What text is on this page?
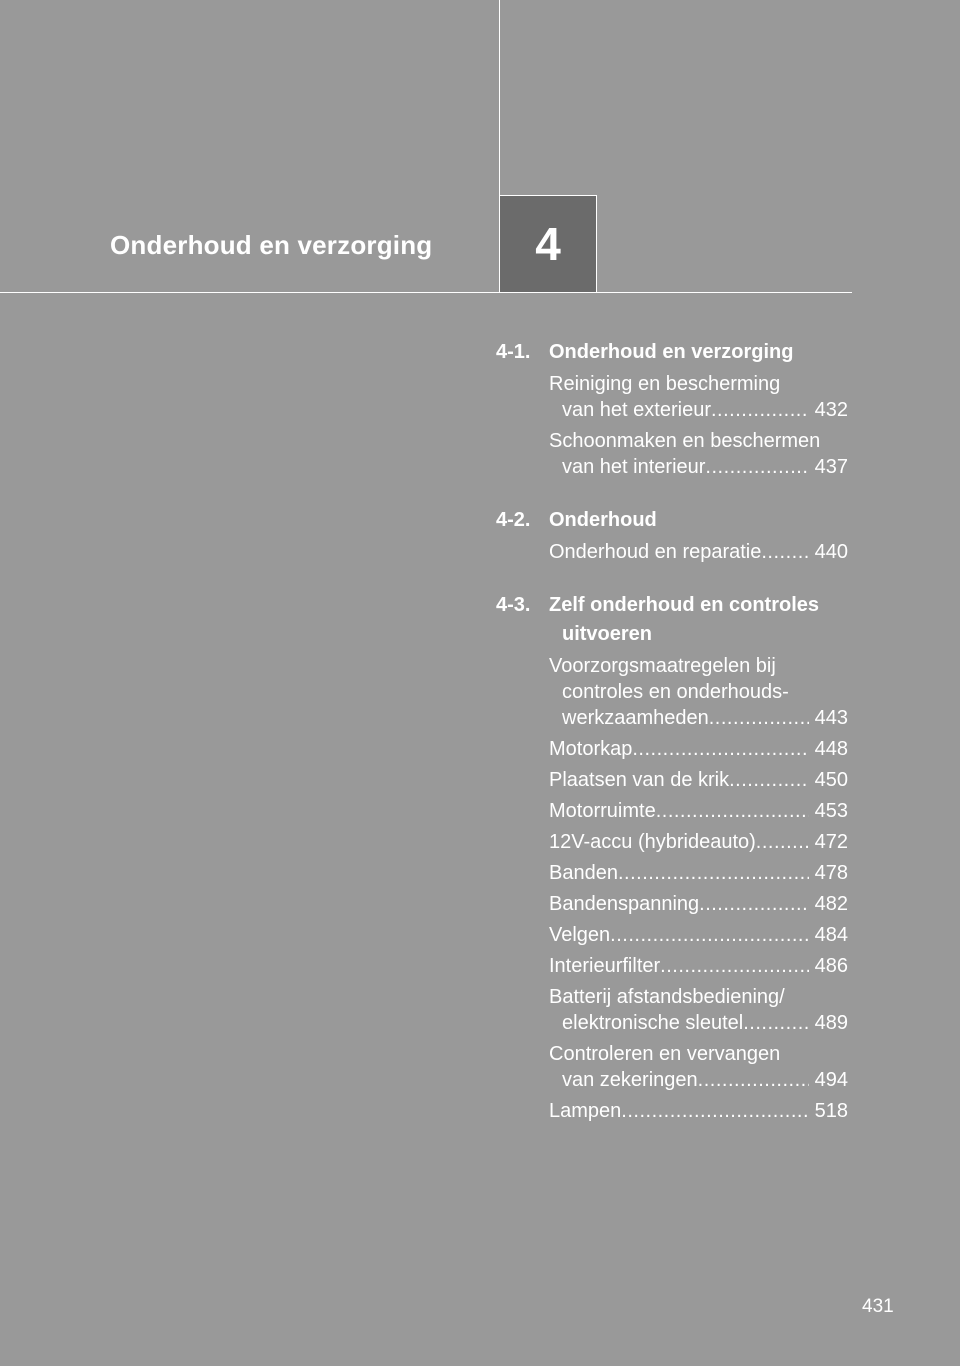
Onderhoud en verzorging 4
4-1. Onderhoud en verzorging
Reiniging en bescherming
van het exterieur .....	432
Schoonmaken en beschermen
van het interieur .....	437
4-2. Onderhoud
Onderhoud en reparatie .....	440
4-3. Zelf onderhoud en controles uitvoeren
Voorzorgsmaatregelen bij
controles en onderhouds-
werkzaamheden .....	443
Motorkap .....	448
Plaatsen van de krik .....	450
Motorruimte .....	453
12V-accu (hybrideauto) .....	472
Banden .....	478
Bandenspanning .....	482
Velgen .....	484
Interieurfilter .....	486
Batterij afstandsbediening/
elektronische sleutel .....	489
Controleren en vervangen
van zekeringen .....	494
Lampen .....	518
431
